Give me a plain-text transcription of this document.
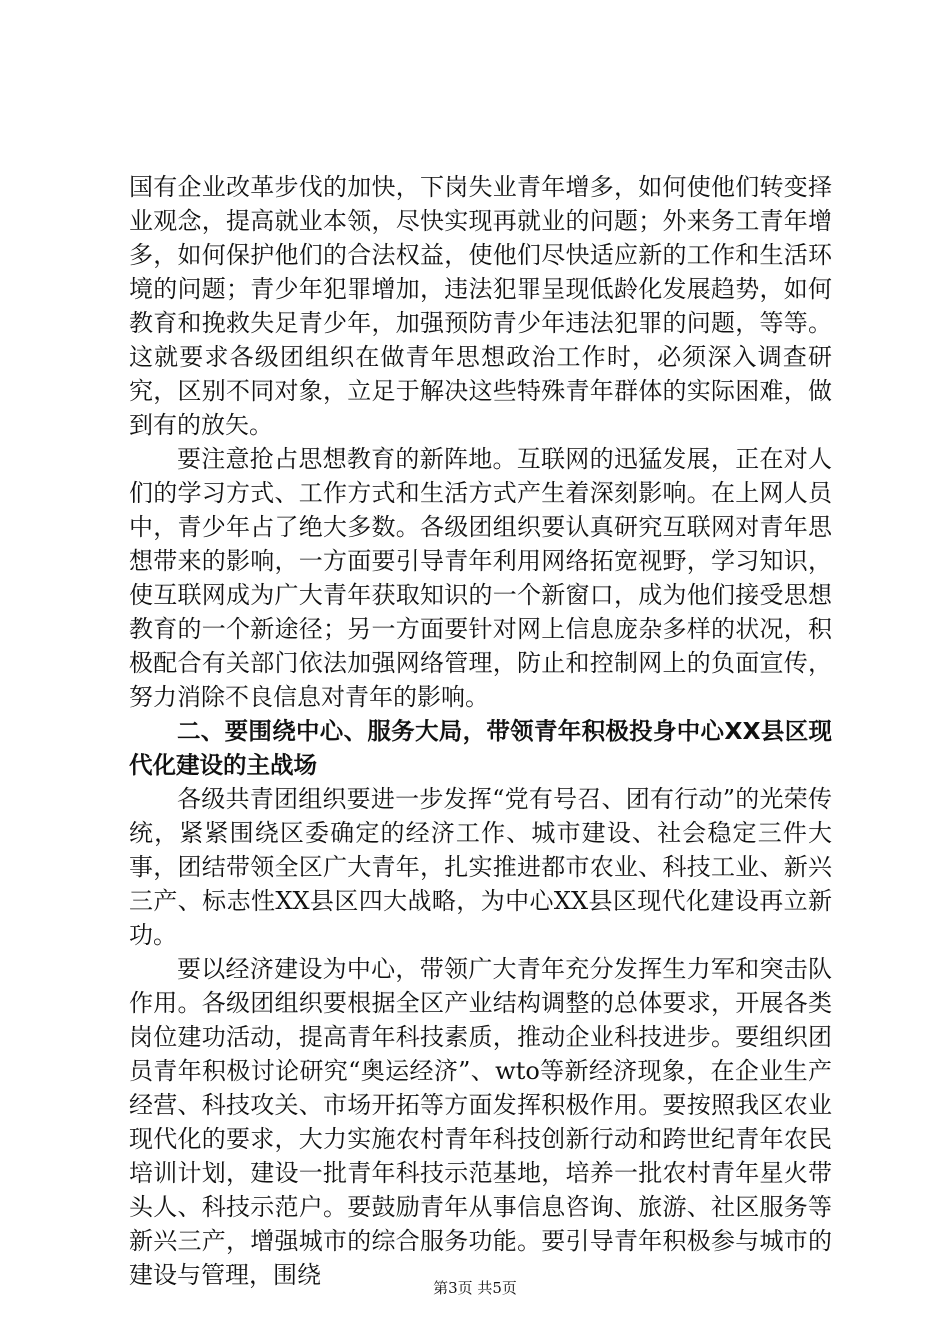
国有企业改革步伐的加快，下岗失业青年增多，如何使他们转变择业观念，提高就业本领，尽快实现再就业的问题；外来务工青年增多，如何保护他们的合法权益，使他们尽快适应新的工作和生活环境的问题；青少年犯罪增加，违法犯罪呈现低龄化发展趋势，如何教育和挽救失足青少年，加强预防青少年违法犯罪的问题，等等。这就要求各级团组织在做青年思想政治工作时，必须深入调查研究，区别不同对象，立足于解决这些特殊青年群体的实际困难，做到有的放矢。

要注意抢占思想教育的新阵地。互联网的迅猛发展，正在对人们的学习方式、工作方式和生活方式产生着深刻影响。在上网人员中，青少年占了绝大多数。各级团组织要认真研究互联网对青年思想带来的影响，一方面要引导青年利用网络拓宽视野，学习知识，使互联网成为广大青年获取知识的一个新窗口，成为他们接受思想教育的一个新途径；另一方面要针对网上信息庞杂多样的状况，积极配合有关部门依法加强网络管理，防止和控制网上的负面宣传，努力消除不良信息对青年的影响。

二、要围绕中心、服务大局，带领青年积极投身中心XX县区现代化建设的主战场

各级共青团组织要进一步发挥“党有号召、团有行动”的光荣传统，紧紧围绕区委确定的经济工作、城市建设、社会稳定三件大事，团结带领全区广大青年，扎实推进都市农业、科技工业、新兴三产、标志性XX县区四大战略，为中心XX县区现代化建设再立新功。

要以经济建设为中心，带领广大青年充分发挥生力军和突击队作用。各级团组织要根据全区产业结构调整的总体要求，开展各类岗位建功活动，提高青年科技素质，推动企业科技进步。要组织团员青年积极讨论研究“奥运经济”、wto等新经济现象，在企业生产经营、科技攻关、市场开拓等方面发挥积极作用。要按照我区农业现代化的要求，大力实施农村青年科技创新行动和跨世纪青年农民培训计划，建设一批青年科技示范基地，培养一批农村青年星火带头人、科技示范户。要鼓励青年从事信息咨询、旅游、社区服务等新兴三产，增强城市的综合服务功能。要引导青年积极参与城市的建设与管理，围绕	第3页 共5页
